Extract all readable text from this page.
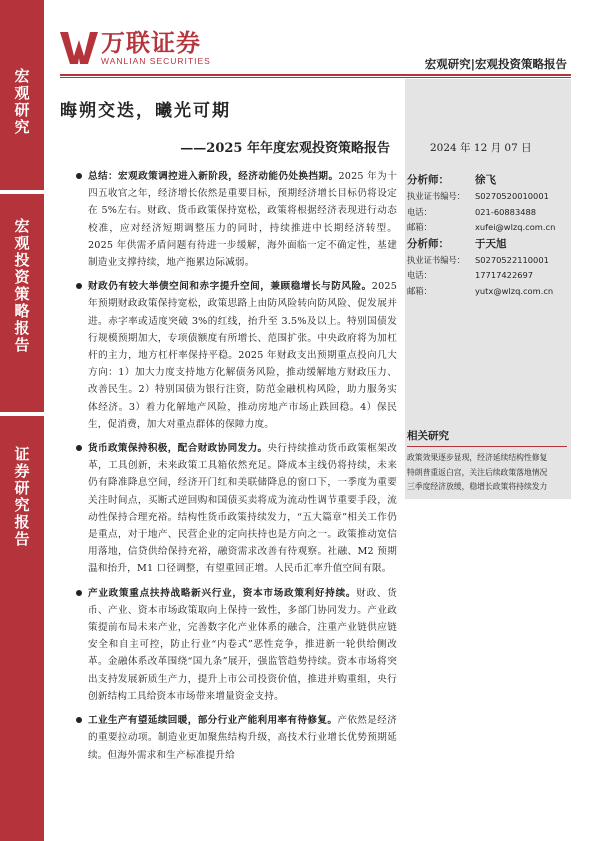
宏
观
研
究
宏
观
投
资
策
略
报
告
证
券
研
究
报
告
万联证券
WANLIAN SECURITIES	宏观研究|宏观投资策略报告
晦朔交迭，曦光可期
——2025 年年度宏观投资策略报告	2024 年 12 月 07 日
总结：宏观政策调控进入新阶段，经济动能仍处换挡期。2025 年为十四五收官之年，经济增长依然是重要目标，预期经济增长目标仍将设定在 5%左右。财政、货币政策保持宽松，政策将根据经济表现进行动态校准，应对经济短期调整压力的同时，持续推进中长期经济转型。2025 年供需矛盾问题有待进一步缓解，海外面临一定不确定性，基建制造业支撑持续，地产拖累边际减弱。
财政仍有较大举债空间和赤字提升空间，兼顾稳增长与防风险。2025 年预期财政政策保持宽松，政策思路上由防风险转向防风险、促发展并进。赤字率或适度突破 3%的红线，抬升至 3.5%及以上。特别国债发行规模预期加大，专项债额度有所增长、范围扩张。中央政府将为加杠杆的主力，地方杠杆率保持平稳。2025 年财政支出预期重点投向几大方向：1）加大力度支持地方化解债务风险，推动缓解地方财政压力、改善民生。2）特别国债为银行注资，防范金融机构风险，助力服务实体经济。3）着力化解地产风险，推动房地产市场止跌回稳。4）保民生，促消费，加大对重点群体的保障力度。
货币政策保持积极，配合财政协同发力。央行持续推动货币政策框架改革，工具创新，未来政策工具箱依然充足。降成本主线仍将持续，未来仍有降准降息空间，经济开门红和美联储降息的窗口下，一季度为重要关注时间点，买断式逆回购和国债买卖将成为流动性调节重要手段，流动性保持合理充裕。结构性货币政策持续发力，“五大篇章”相关工作仍是重点，对于地产、民营企业的定向扶持也是方向之一。政策推动宽信用落地，信贷供给保持充裕，融资需求改善有待观察。社融、M2 预期温和抬升，M1 口径调整，有望重回正增。人民币汇率升值空间有限。
产业政策重点扶持战略新兴行业，资本市场政策利好持续。财政、货币、产业、资本市场政策取向上保持一致性，多部门协同发力。产业政策提前布局未来产业，完善数字化产业体系的融合，注重产业链供应链安全和自主可控，防止行业“内卷式”恶性竞争，推进新一轮供给侧改革。金融体系改革围绕“国九条”展开，强监管趋势持续。资本市场将突出支持发展新质生产力，提升上市公司投资价值，推进并购重组，央行创新结构工具给资本市场带来增量资金支持。
工业生产有望延续回暖，部分行业产能利用率有待修复。产依然是经济的重要拉动项。制造业更加聚焦结构升级，高技术行业增长优势预期延续。但海外需求和生产标准提升给
分析师：	徐飞
执业证书编号：	S0270520010001
电话：	021-60883488
邮箱：	xufei@wlzq.com.cn
分析师：	于天旭
执业证书编号：	S0270522110001
电话：	17717422697
邮箱：	yutx@wlzq.com.cn
相关研究
政策效果逐步显现，经济延续结构性修复
特朗普重返白宫，关注后续政策落地情况
三季度经济放缓，稳增长政策将持续发力
